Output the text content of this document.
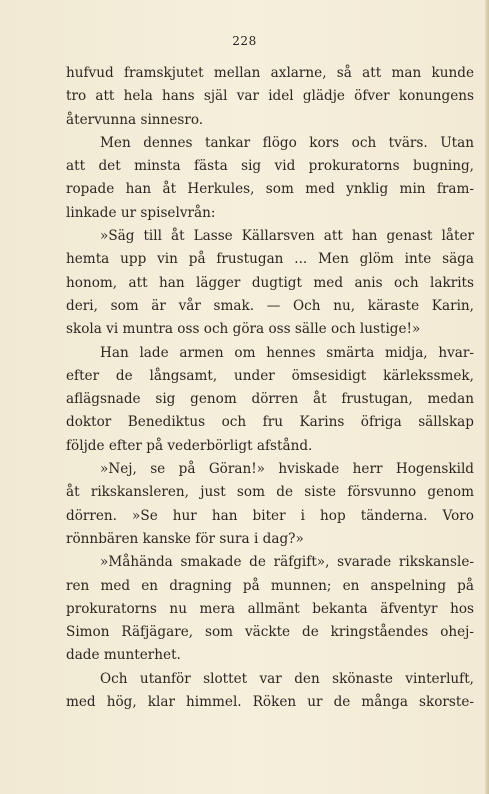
228
hufvud framskjutet mellan axlarne, så att man kunde
tro att hela hans själ var idel glädje öfver konungens
återvunna sinnesro.
Men dennes tankar flögo kors och tvärs. Utan
att det minsta fästa sig vid prokuratorns bugning,
ropade han åt Herkules, som med ynklig min fram-
linkade ur spiselvrån:
»Säg till åt Lasse Källarsven att han genast låter
hemta upp vin på frustugan ... Men glöm inte säga
honom, att han lägger dugtigt med anis och lakrits
deri, som är vår smak. — Och nu, käraste Karin,
skola vi muntra oss och göra oss sälle och lustige!»
Han lade armen om hennes smärta midja, hvar-
efter de långsamt, under ömsesidigt kärlekssmek,
aflägsnade sig genom dörren åt frustugan, medan
doktor Benediktus och fru Karins öfriga sällskap
följde efter på vederbörligt afstånd.
»Nej, se på Göran!» hviskade herr Hogenskild
åt rikskansleren, just som de siste försvunno genom
dörren. »Se hur han biter i hop tänderna. Voro
rönnbären kanske för sura i dag?»
»Måhända smakade de räfgift», svarade rikskansle-
ren med en dragning på munnen; en anspelning på
prokuratorns nu mera allmänt bekanta äfventyr hos
Simon Räfjägare, som väckte de kringståendes ohej-
dade munterhet.
Och utanför slottet var den skönaste vinterluft,
med hög, klar himmel. Röken ur de många skorste-
